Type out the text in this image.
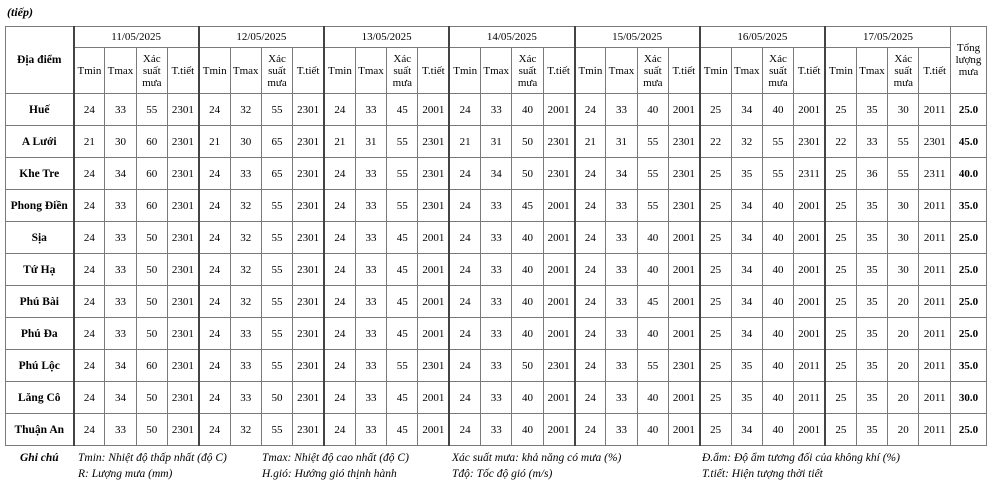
(tiếp)
Địa điểm	11/05/2025				12/05/2025				13/05/2025				14/05/2025				15/05/2025				16/05/2025				17/05/2025				Tổng lượng mưa
	Tmin	Tmax	Xác suất mưa	T.tiết	Tmin	Tmax	Xác suất mưa	T.tiết	Tmin	Tmax	Xác suất mưa	T.tiết	Tmin	Tmax	Xác suất mưa	T.tiết	Tmin	Tmax	Xác suất mưa	T.tiết	Tmin	Tmax	Xác suất mưa	T.tiết	Tmin	Tmax	Xác suất mưa	T.tiết	
Huế	24	33	55	2301	24	32	55	2301	24	33	45	2001	24	33	40	2001	24	33	40	2001	25	34	40	2001	25	35	30	2011	25.0
A Lưới	21	30	60	2301	21	30	65	2301	21	31	55	2301	21	31	50	2301	21	31	55	2301	22	32	55	2301	22	33	55	2301	45.0
Khe Tre	24	34	60	2301	24	33	65	2301	24	33	55	2301	24	34	50	2301	24	34	55	2301	25	35	55	2311	25	36	55	2311	40.0
Phong Điền	24	33	60	2301	24	32	55	2301	24	33	55	2301	24	33	45	2001	24	33	55	2301	25	34	40	2001	25	35	30	2011	35.0
Sịa	24	33	50	2301	24	32	55	2301	24	33	45	2001	24	33	40	2001	24	33	40	2001	25	34	40	2001	25	35	30	2011	25.0
Tứ Hạ	24	33	50	2301	24	32	55	2301	24	33	45	2001	24	33	40	2001	24	33	40	2001	25	34	40	2001	25	35	30	2011	25.0
Phú Bài	24	33	50	2301	24	32	55	2301	24	33	45	2001	24	33	40	2001	24	33	45	2001	25	34	40	2001	25	35	20	2011	25.0
Phú Đa	24	33	50	2301	24	33	55	2301	24	33	45	2001	24	33	40	2001	24	33	40	2001	25	34	40	2001	25	35	20	2011	25.0
Phú Lộc	24	34	60	2301	24	33	55	2301	24	33	55	2301	24	33	50	2301	24	33	55	2301	25	35	40	2011	25	35	20	2011	35.0
Lăng Cô	24	34	50	2301	24	33	50	2301	24	33	45	2001	24	33	40	2001	24	33	40	2001	25	35	40	2011	25	35	20	2011	30.0
Thuận An	24	33	50	2301	24	32	55	2301	24	33	45	2001	24	33	40	2001	24	33	40	2001	25	34	40	2001	25	35	20	2011	25.0
Ghi chú Tmin: Nhiệt độ thấp nhất (độ C)	Tmax: Nhiệt độ cao nhất (độ C)	Xác suất mưa: khả năng có mưa (%)	Đ.ẩm: Độ ẩm tương đối của không khí (%)
R: Lượng mưa (mm)	H.gió: Hướng gió thịnh hành	Tđộ: Tốc độ gió (m/s)	T.tiết: Hiện tượng thời tiết
